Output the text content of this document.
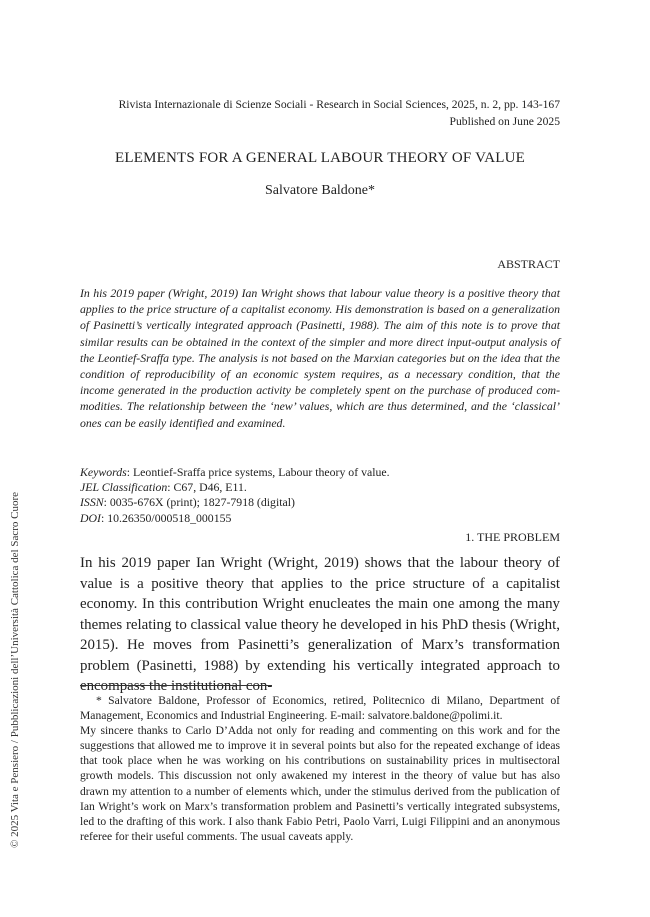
Rivista Internazionale di Scienze Sociali - Research in Social Sciences, 2025, n. 2, pp. 143-167
Published on June 2025
ELEMENTS FOR A GENERAL LABOUR THEORY OF VALUE
Salvatore Baldone*
ABSTRACT
In his 2019 paper (Wright, 2019) Ian Wright shows that labour value theory is a positive theory that applies to the price structure of a capitalist economy. His demonstration is based on a generalization of Pasinetti’s vertically integrated approach (Pasinetti, 1988). The aim of this note is to prove that similar results can be obtained in the context of the simpler and more direct input-output analysis of the Leontief-Sraffa type. The analysis is not based on the Marxian categories but on the idea that the condition of reproducibility of an economic system requires, as a necessary condition, that the income generated in the production activity be completely spent on the purchase of produced com-modities. The relationship between the ‘new’ values, which are thus determined, and the ‘classical’ ones can be easily identified and examined.
Keywords: Leontief-Sraffa price systems, Labour theory of value.
JEL Classification: C67, D46, E11.
ISSN: 0035-676X (print); 1827-7918 (digital)
DOI: 10.26350/000518_000155
1. THE PROBLEM
In his 2019 paper Ian Wright (Wright, 2019) shows that the labour theory of value is a positive theory that applies to the price structure of a capitalist economy. In this contribution Wright enucleates the main one among the many themes relating to classical value theory he developed in his PhD thesis (Wright, 2015). He moves from Pasinetti’s generalization of Marx’s transformation problem (Pasinetti, 1988) by extending his vertically integrated approach to encompass the institutional con-

* Salvatore Baldone, Professor of Economics, retired, Politecnico di Milano, Department of Management, Economics and Industrial Engineering. E-mail: salvatore.baldone@polimi.it.

My sincere thanks to Carlo D’Adda not only for reading and commenting on this work and for the suggestions that allowed me to improve it in several points but also for the repeated exchange of ideas that took place when he was working on his contributions on sustainability prices in multisectoral growth models. This discussion not only awakened my interest in the theory of value but has also drawn my attention to a number of elements which, under the stimulus derived from the publication of Ian Wright’s work on Marx’s transformation problem and Pasinetti’s vertically integrated subsystems, led to the drafting of this work. I also thank Fabio Petri, Paolo Varri, Luigi Filippini and an anonymous referee for their useful comments. The usual caveats apply.

© 2025 Vita e Pensiero / Pubblicazioni dell’Università Cattolica del Sacro Cuore
